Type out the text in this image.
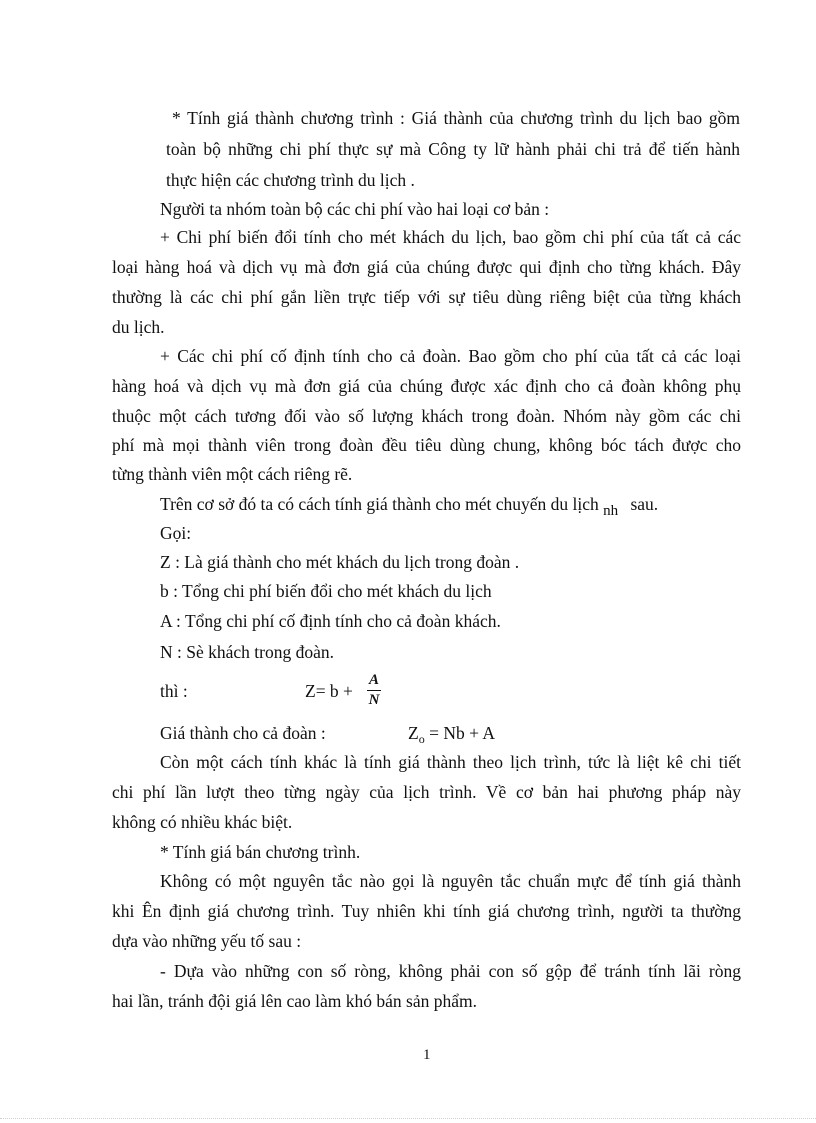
* Tính giá thành chương trình : Giá thành của chương trình du lịch bao gồm
toàn bộ những chi phí thực sự mà Công ty lữ hành phải chi trả để tiến hành
thực hiện các chương trình du lịch .
Người ta nhóm toàn bộ các chi phí vào hai loại cơ bản :
+ Chi phí biến đổi tính cho mét khách du lịch, bao gồm chi phí của tất cả các
loại hàng hoá và dịch vụ mà đơn giá của chúng được qui định cho từng khách. Đây
thường là các chi phí gắn liền trực tiếp với sự tiêu dùng riêng biệt của từng khách
du lịch.
+ Các chi phí cố định tính cho cả đoàn. Bao gồm cho phí của tất cả các loại
hàng hoá và dịch vụ mà đơn giá của chúng được xác định cho cả đoàn không phụ
thuộc một cách tương đối vào số lượng khách trong đoàn. Nhóm này gồm các chi
phí mà mọi thành viên trong đoàn đều tiêu dùng chung, không bóc tách được cho
từng thành viên một cách riêng rẽ.
Trên cơ sở đó ta có cách tính giá thành cho mét chuyến du lịch nh sau.
Gọi:
Z : Là giá thành cho mét khách du lịch trong đoàn .
b : Tổng chi phí biến đổi cho mét khách du lịch
A : Tổng chi phí cố định tính cho cả đoàn khách.
N : Sè khách trong đoàn.
thì :	Z= b +
A
N
Giá thành cho cả đoàn :	$Z_o = Nb + A$
Còn một cách tính khác là tính giá thành theo lịch trình, tức là liệt kê chi tiết
chi phí lần lượt theo từng ngày của lịch trình. Về cơ bản hai phương pháp này
không có nhiều khác biệt.
* Tính giá bán chương trình.
Không có một nguyên tắc nào gọi là nguyên tắc chuẩn mực để tính giá thành
khi Ên định giá chương trình. Tuy nhiên khi tính giá chương trình, người ta thường
dựa vào những yếu tố sau :
- Dựa vào những con số ròng, không phải con số gộp để tránh tính lãi ròng
hai lần, tránh đội giá lên cao làm khó bán sản phẩm.
1
